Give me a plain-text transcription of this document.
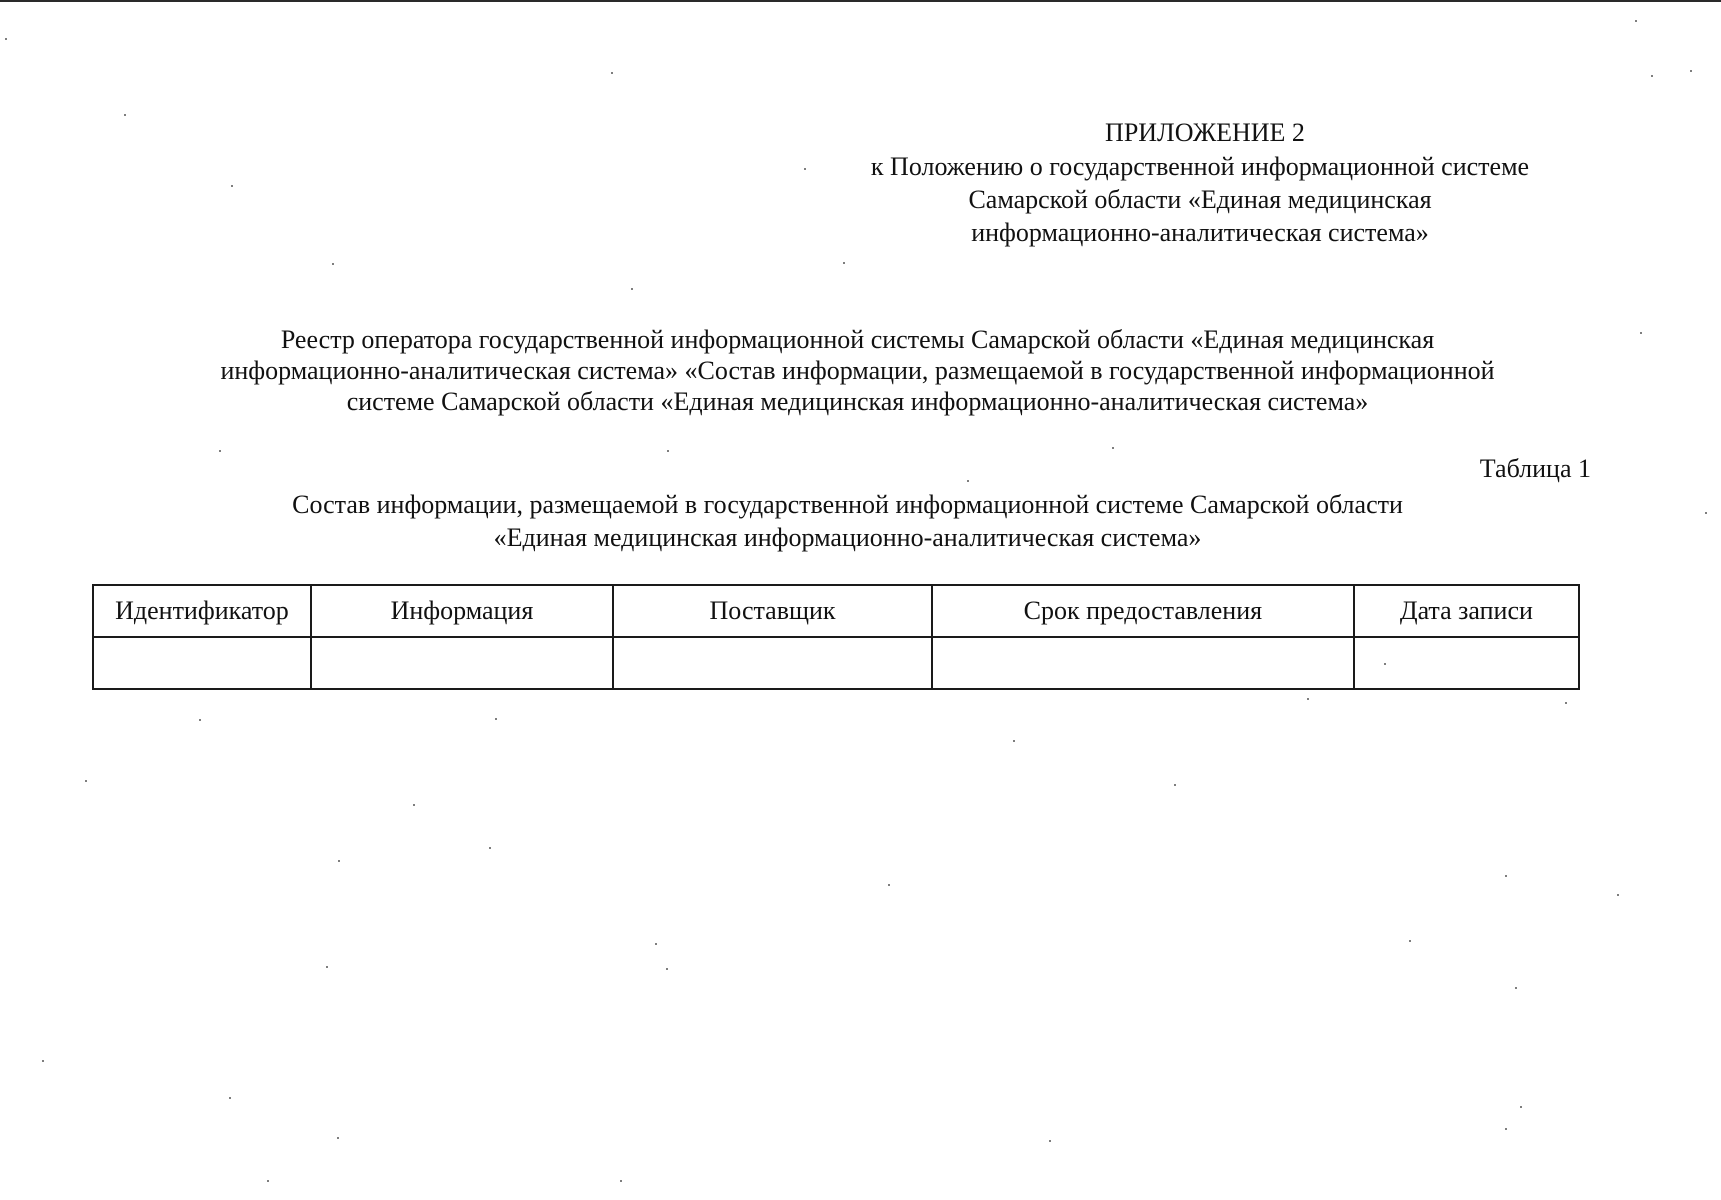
ПРИЛОЖЕНИЕ 2
к Положению о государственной информационной системе
Самарской области «Единая медицинская
информационно-аналитическая система»
Реестр оператора государственной информационной системы Самарской области «Единая медицинская
информационно-аналитическая система» «Состав информации, размещаемой в государственной информационной
системе Самарской области «Единая медицинская информационно-аналитическая система»
Таблица 1
Состав информации, размещаемой в государственной информационной системе Самарской области
«Единая медицинская информационно-аналитическая система»
Идентификатор	Информация	Поставщик	Срок предоставления	Дата записи
